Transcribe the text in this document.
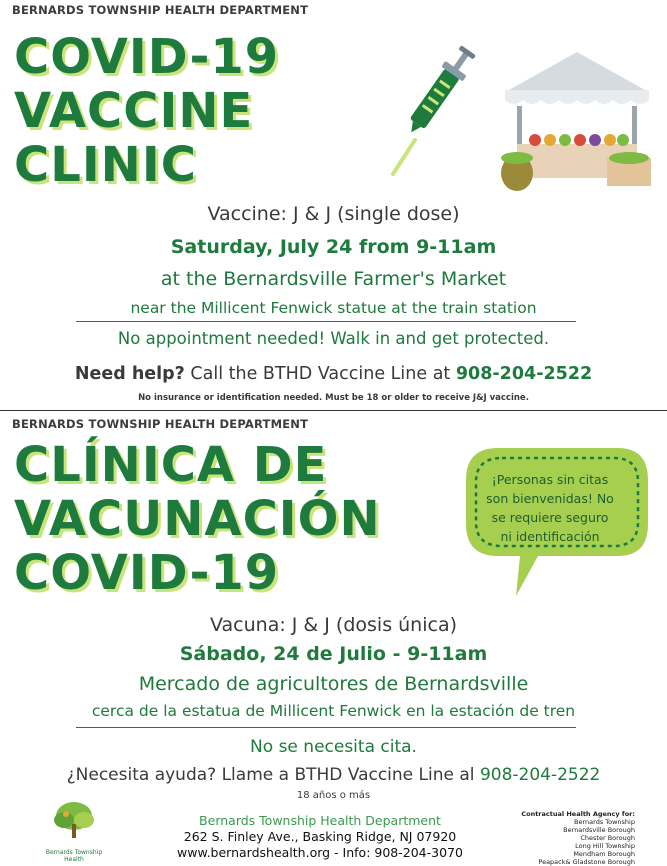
BERNARDS TOWNSHIP HEALTH DEPARTMENT
COVID-19
VACCINE
CLINIC
Vaccine: J & J (single dose)
Saturday, July 24 from 9-11am
at the Bernardsville Farmer's Market
near the Millicent Fenwick statue at the train station
No appointment needed! Walk in and get protected.
Need help? Call the BTHD Vaccine Line at 908-204-2522
No insurance or identification needed. Must be 18 or older to receive J&J vaccine.
BERNARDS TOWNSHIP HEALTH DEPARTMENT
CLÍNICA DE
VACUNACIÓN
COVID-19
¡Personas sin citas
son bienvenidas! No
se requiere seguro
ni identificación
Vacuna: J & J (dosis única)
Sábado, 24 de Julio - 9-11am
Mercado de agricultores de Bernardsville
cerca de la estatua de Millicent Fenwick en la estación de tren
No se necesita cita.
¿Necesita ayuda? Llame a BTHD Vaccine Line al 908-204-2522
18 años o más
Bernards Township Health
Bernards Township Health Department
262 S. Finley Ave., Basking Ridge, NJ 07920
www.bernardshealth.org - Info: 908-204-3070
Contractual Health Agency for:
Bernards Township
Bernardsville Borough
Chester Borough
Long Hill Township
Mendham Borough
Peapack& Gladstone Borough
